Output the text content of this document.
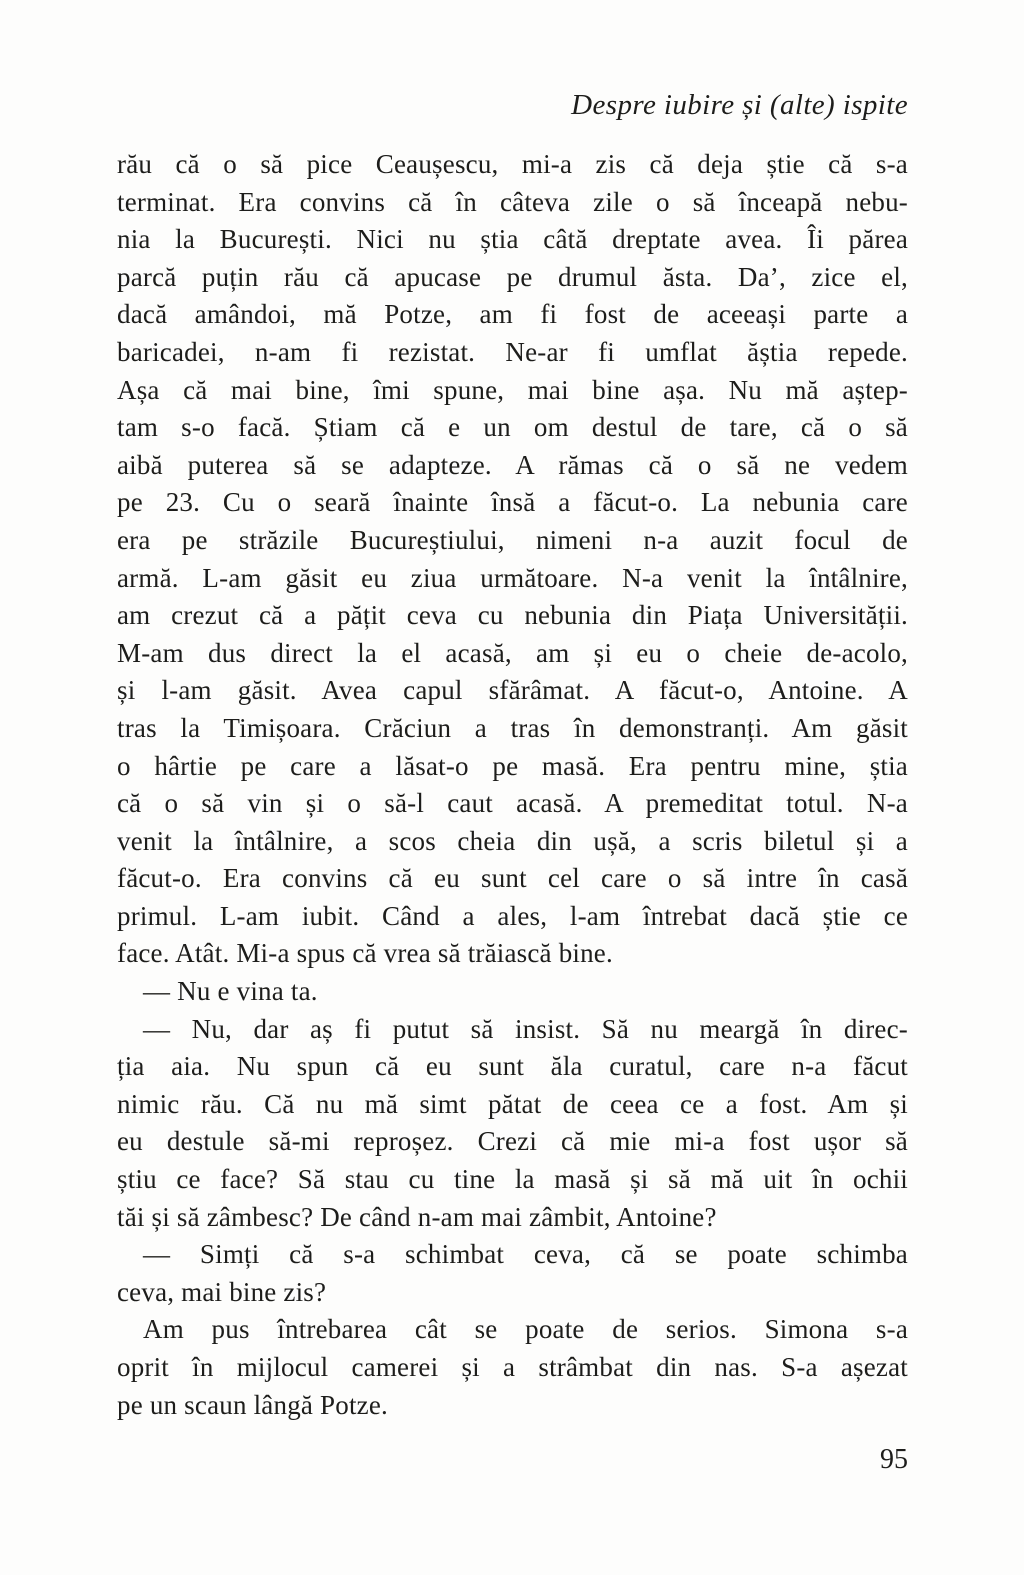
Despre iubire și (alte) ispite
rău că o să pice Ceaușescu, mi-a zis că deja știe că s-a
terminat. Era convins că în câteva zile o să înceapă nebu-
nia la București. Nici nu știa câtă dreptate avea. Îi părea
parcă puțin rău că apucase pe drumul ăsta. Da’, zice el,
dacă amândoi, mă Potze, am fi fost de aceeași parte a
baricadei, n-am fi rezistat. Ne-ar fi umflat ăștia repede.
Așa că mai bine, îmi spune, mai bine așa. Nu mă aștep-
tam s-o facă. Știam că e un om destul de tare, că o să
aibă puterea să se adapteze. A rămas că o să ne vedem
pe 23. Cu o seară înainte însă a făcut-o. La nebunia care
era pe străzile Bucureștiului, nimeni n-a auzit focul de
armă. L-am găsit eu ziua următoare. N-a venit la întâlnire,
am crezut că a pățit ceva cu nebunia din Piața Universității.
M-am dus direct la el acasă, am și eu o cheie de-acolo,
și l-am găsit. Avea capul sfărâmat. A făcut-o, Antoine. A
tras la Timișoara. Crăciun a tras în demonstranți. Am găsit
o hârtie pe care a lăsat-o pe masă. Era pentru mine, știa
că o să vin și o să-l caut acasă. A premeditat totul. N-a
venit la întâlnire, a scos cheia din ușă, a scris biletul și a
făcut-o. Era convins că eu sunt cel care o să intre în casă
primul. L-am iubit. Când a ales, l-am întrebat dacă știe ce
face. Atât. Mi-a spus că vrea să trăiască bine.
— Nu e vina ta.
— Nu, dar aș fi putut să insist. Să nu meargă în direc-
ția aia. Nu spun că eu sunt ăla curatul, care n-a făcut
nimic rău. Că nu mă simt pătat de ceea ce a fost. Am și
eu destule să-mi reproșez. Crezi că mie mi-a fost ușor să
știu ce face? Să stau cu tine la masă și să mă uit în ochii
tăi și să zâmbesc? De când n-am mai zâmbit, Antoine?
— Simți că s-a schimbat ceva, că se poate schimba
ceva, mai bine zis?
Am pus întrebarea cât se poate de serios. Simona s-a
oprit în mijlocul camerei și a strâmbat din nas. S-a așezat
pe un scaun lângă Potze.
95
